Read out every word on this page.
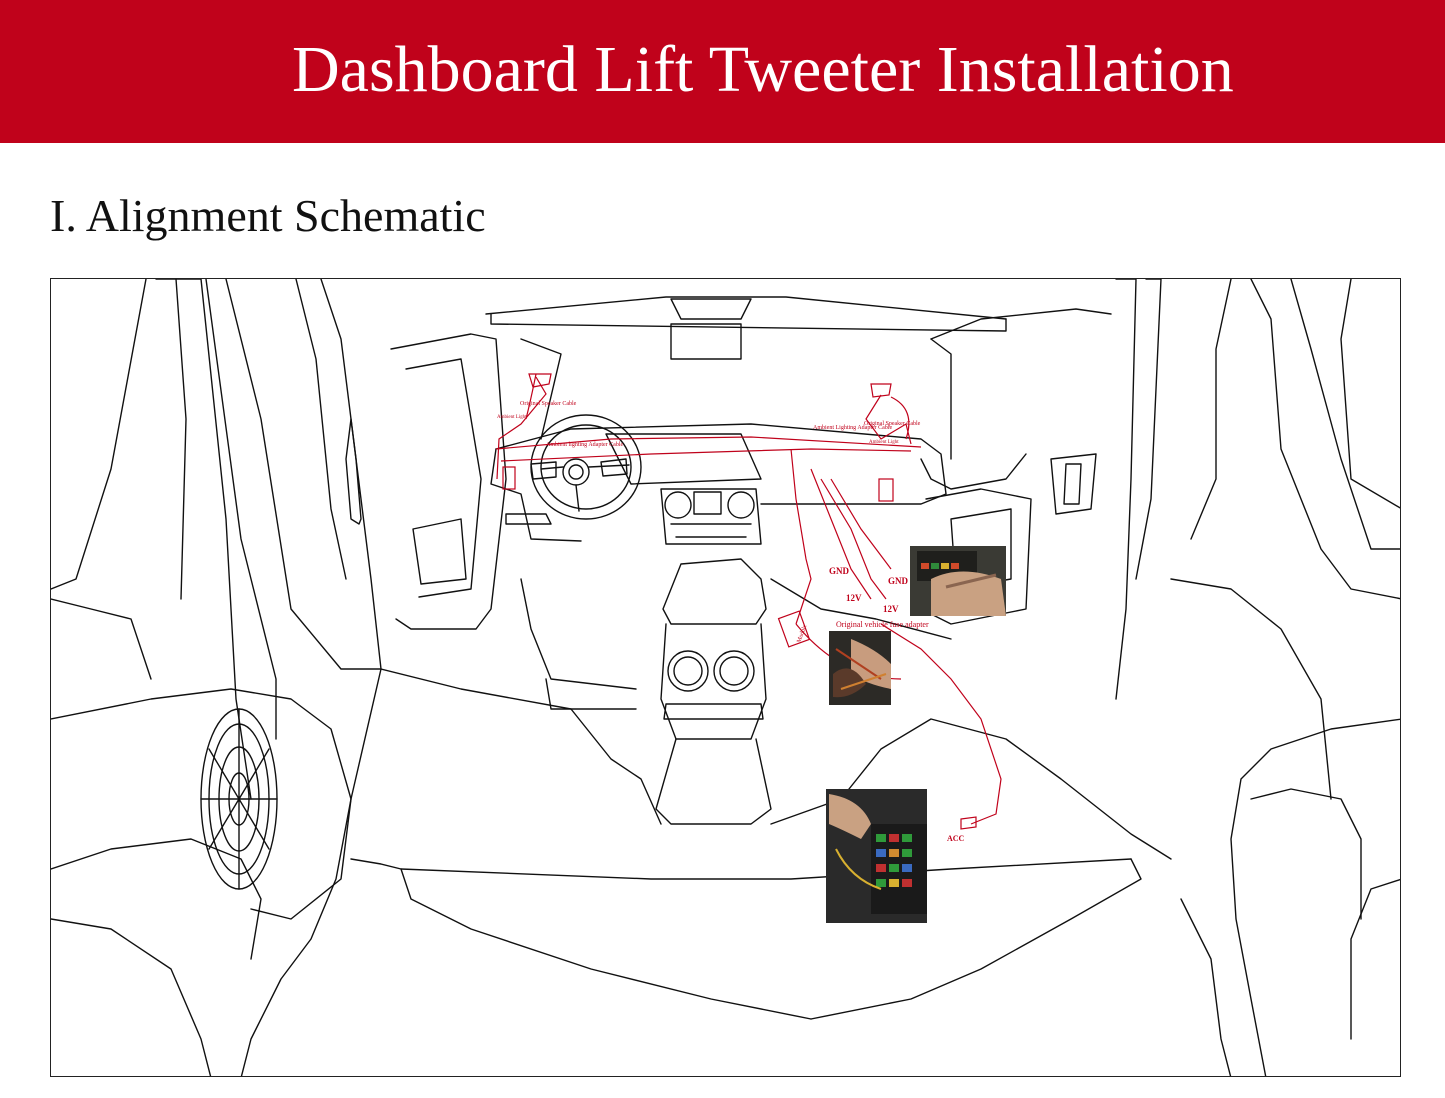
Dashboard Lift Tweeter Installation
I. Alignment Schematic
Original Speaker Cable
Ambient Light
Ambient lighting Adapter Cable
Original Speaker Cable
Ambient Lighting Adapter Cable
Ambient Light
GND
GND
12V
12V
Original vehicle fuse adapter
ACC
Module
